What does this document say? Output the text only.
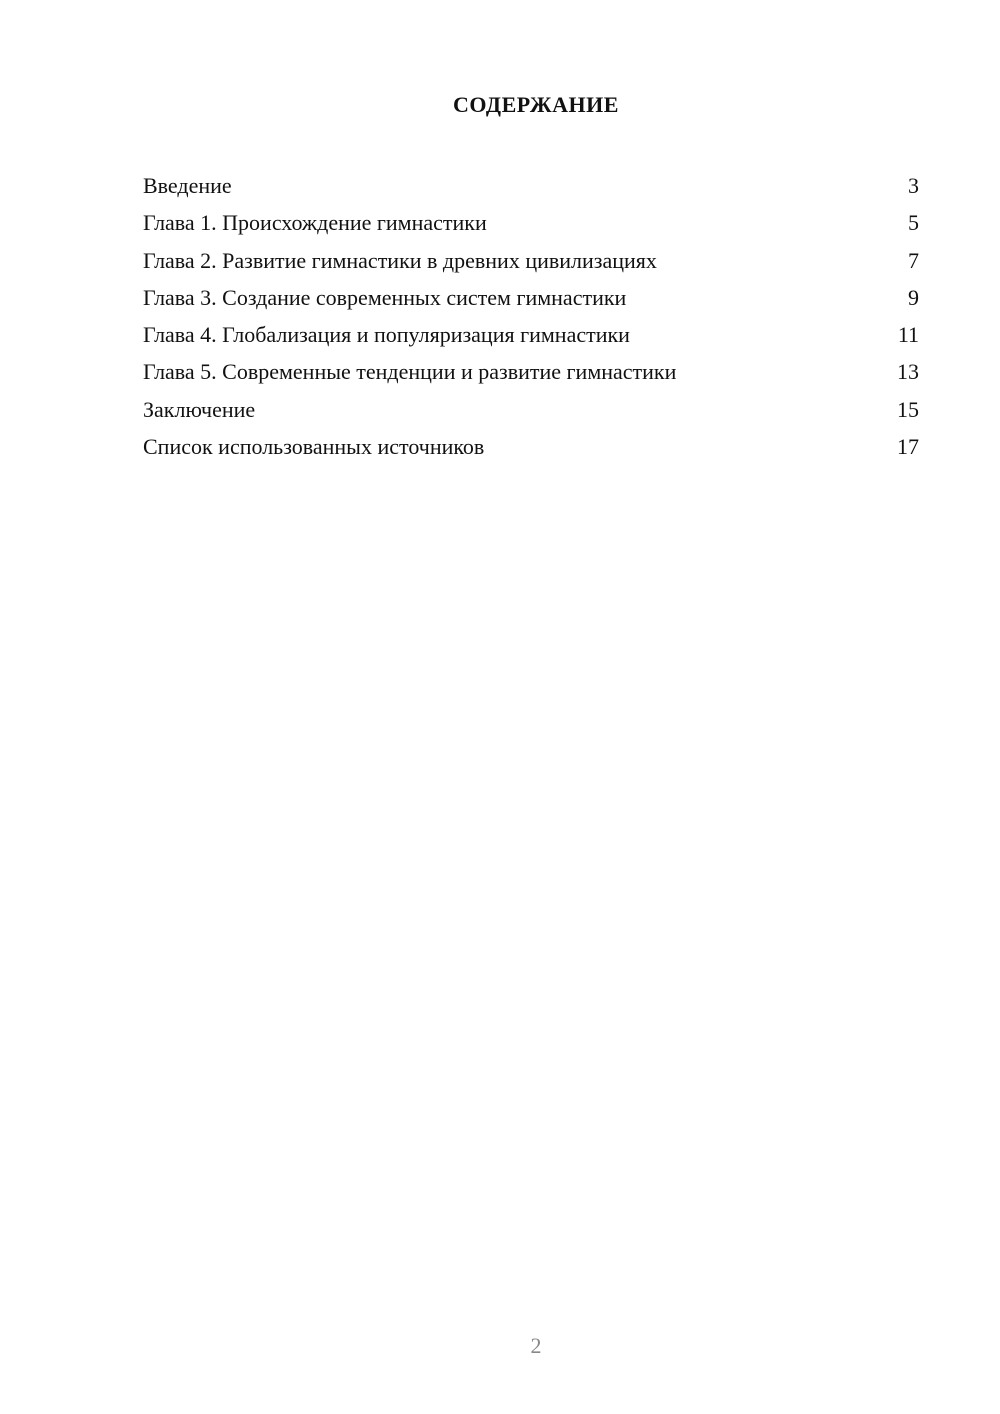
СОДЕРЖАНИЕ
Введение	3
Глава 1. Происхождение гимнастики	5
Глава 2. Развитие гимнастики в древних цивилизациях	7
Глава 3. Создание современных систем гимнастики	9
Глава 4. Глобализация и популяризация гимнастики	11
Глава 5. Современные тенденции и развитие гимнастики	13
Заключение	15
Список использованных источников	17
2
